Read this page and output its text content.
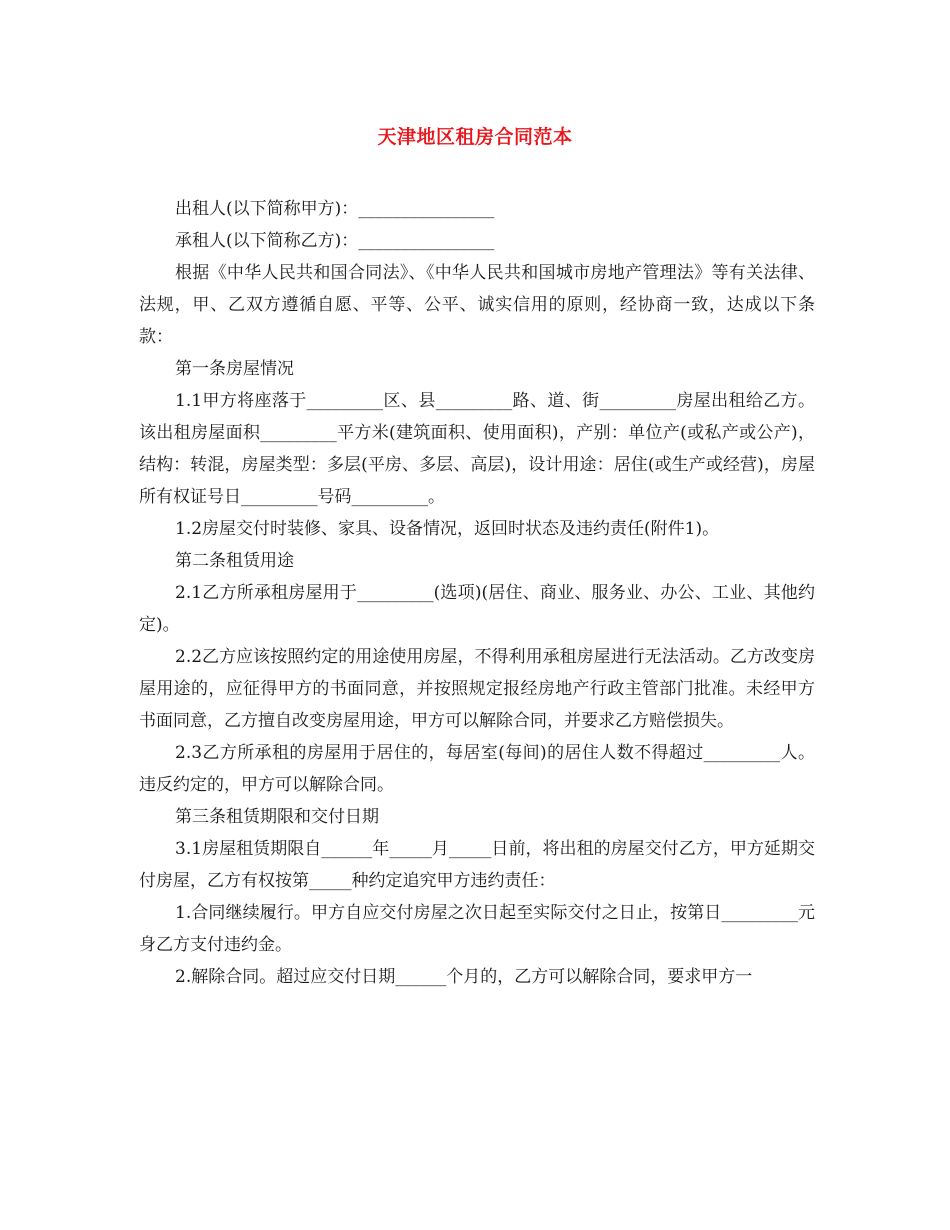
天津地区租房合同范本

出租人(以下简称甲方)：________________

承租人(以下简称乙方)：________________

根据《中华人民共和国合同法》、《中华人民共和国城市房地产管理法》等有关法律、法规，甲、乙双方遵循自愿、平等、公平、诚实信用的原则，经协商一致，达成以下条款：

第一条房屋情况

1.1甲方将座落于_________区、县_________路、道、街_________房屋出租给乙方。该出租房屋面积_________平方米(建筑面积、使用面积)，产别：单位产(或私产或公产)，结构：转混，房屋类型：多层(平房、多层、高层)，设计用途：居住(或生产或经营)，房屋所有权证号日_________号码_________。

1.2房屋交付时装修、家具、设备情况，返回时状态及违约责任(附件1)。

第二条租赁用途

2.1乙方所承租房屋用于_________(选项)(居住、商业、服务业、办公、工业、其他约定)。

2.2乙方应该按照约定的用途使用房屋，不得利用承租房屋进行无法活动。乙方改变房屋用途的，应征得甲方的书面同意，并按照规定报经房地产行政主管部门批准。未经甲方书面同意，乙方擅自改变房屋用途，甲方可以解除合同，并要求乙方赔偿损失。

2.3乙方所承租的房屋用于居住的，每居室(每间)的居住人数不得超过_________人。违反约定的，甲方可以解除合同。

第三条租赁期限和交付日期

3.1房屋租赁期限自______年_____月_____日前，将出租的房屋交付乙方，甲方延期交付房屋，乙方有权按第_____种约定追究甲方违约责任：

1.合同继续履行。甲方自应交付房屋之次日起至实际交付之日止，按第日_________元身乙方支付违约金。

2.解除合同。超过应交付日期______个月的，乙方可以解除合同，要求甲方一
